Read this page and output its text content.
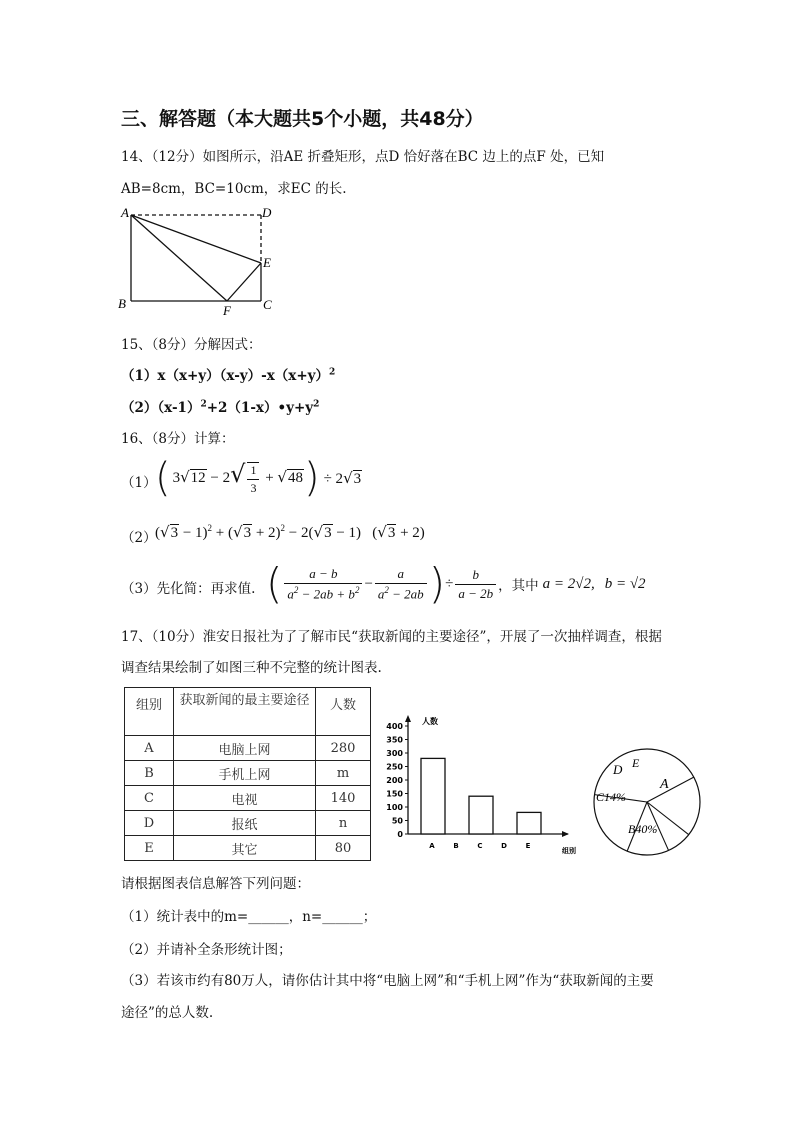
三、解答题（本大题共5个小题，共48分）
14、（12分）如图所示，沿AE 折叠矩形，点D 恰好落在BC 边上的点F 处，已知
AB=8cm，BC=10cm，求EC 的长.
A	D
E
B	F C
15、（8分）分解因式：
$(1)x(x+y)(x-y)-x(x+y)^2$
$(2)(x-1)^2+2(1-x)•y+y^2$
16、（8分）计算：
（1）
( $3√12 - 2√ \frac{1}{3} + √48$ ) ÷ 2√3
（2）
$(√3 - 1)^2 + (√3 + 2)^2 - 2(√3 - 1)$   (√3 + 2)
（3）先化简：再求值. ( $\frac{a - b}{a^2 - 2ab + b^2} - \frac{a}{a^2 - 2ab}$ ) ÷ $\frac{b}{a - 2b}$ ，其中 a = 2√2, b = √2
17、（10分）淮安日报社为了了解市民“获取新闻的主要途径”，开展了一次抽样调查，根据
调查结果绘制了如图三种不完整的统计图表.
组别	获取新闻的最主要途径	人数
A	电脑上网	280
B	手机上网	m
C	电视	140
D	报纸	n
E	其它	80
0
50
100
150
200
250
300
350
400
人数
组别
A	B	C	D	E
A
B40%
C14%
D E
请根据图表信息解答下列问题：
（1）统计表中的m=______，n=______；
（2）并请补全条形统计图；
（3）若该市约有80万人，请你估计其中将“电脑上网”和“手机上网”作为“获取新闻的主要
途径”的总人数.
